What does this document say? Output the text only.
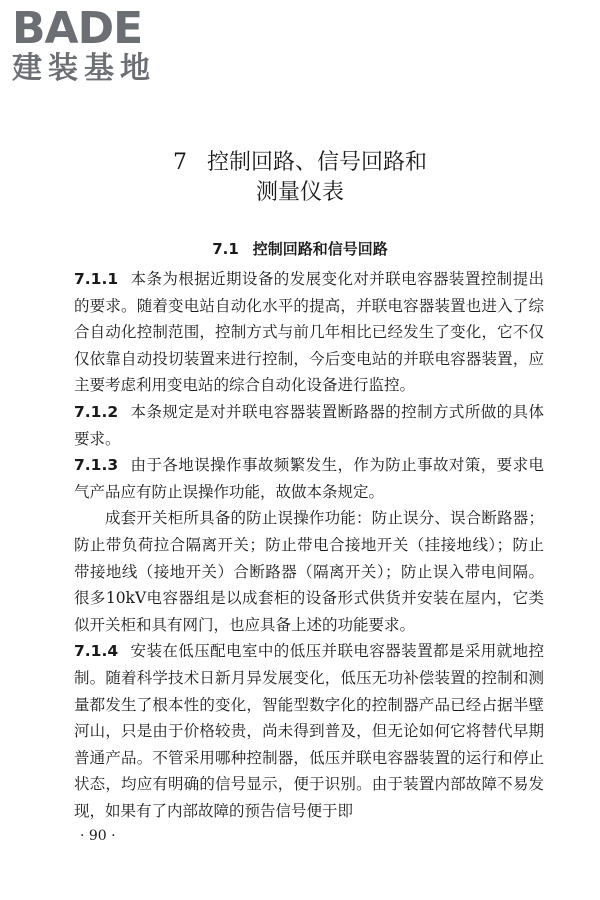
BADE
建装基地
7 控制回路、信号回路和
测量仪表
7.1 控制回路和信号回路

7.1.1 本条为根据近期设备的发展变化对并联电容器装置控制提出的要求。随着变电站自动化水平的提高，并联电容器装置也进入了综合自动化控制范围，控制方式与前几年相比已经发生了变化，它不仅仅依靠自动投切装置来进行控制，今后变电站的并联电容器装置，应主要考虑利用变电站的综合自动化设备进行监控。

7.1.2 本条规定是对并联电容器装置断路器的控制方式所做的具体要求。

7.1.3 由于各地误操作事故频繁发生，作为防止事故对策，要求电气产品应有防止误操作功能，故做本条规定。

成套开关柜所具备的防止误操作功能：防止误分、误合断路器；防止带负荷拉合隔离开关；防止带电合接地开关（挂接地线）；防止带接地线（接地开关）合断路器（隔离开关）；防止误入带电间隔。很多10kV电容器组是以成套柜的设备形式供货并安装在屋内，它类似开关柜和具有网门，也应具备上述的功能要求。

7.1.4 安装在低压配电室中的低压并联电容器装置都是采用就地控制。随着科学技术日新月异发展变化，低压无功补偿装置的控制和测量都发生了根本性的变化，智能型数字化的控制器产品已经占据半壁河山，只是由于价格较贵，尚未得到普及，但无论如何它将替代早期普通产品。不管采用哪种控制器，低压并联电容器装置的运行和停止状态，均应有明确的信号显示，便于识别。由于装置内部故障不易发现，如果有了内部故障的预告信号便于即

· 90 ·
